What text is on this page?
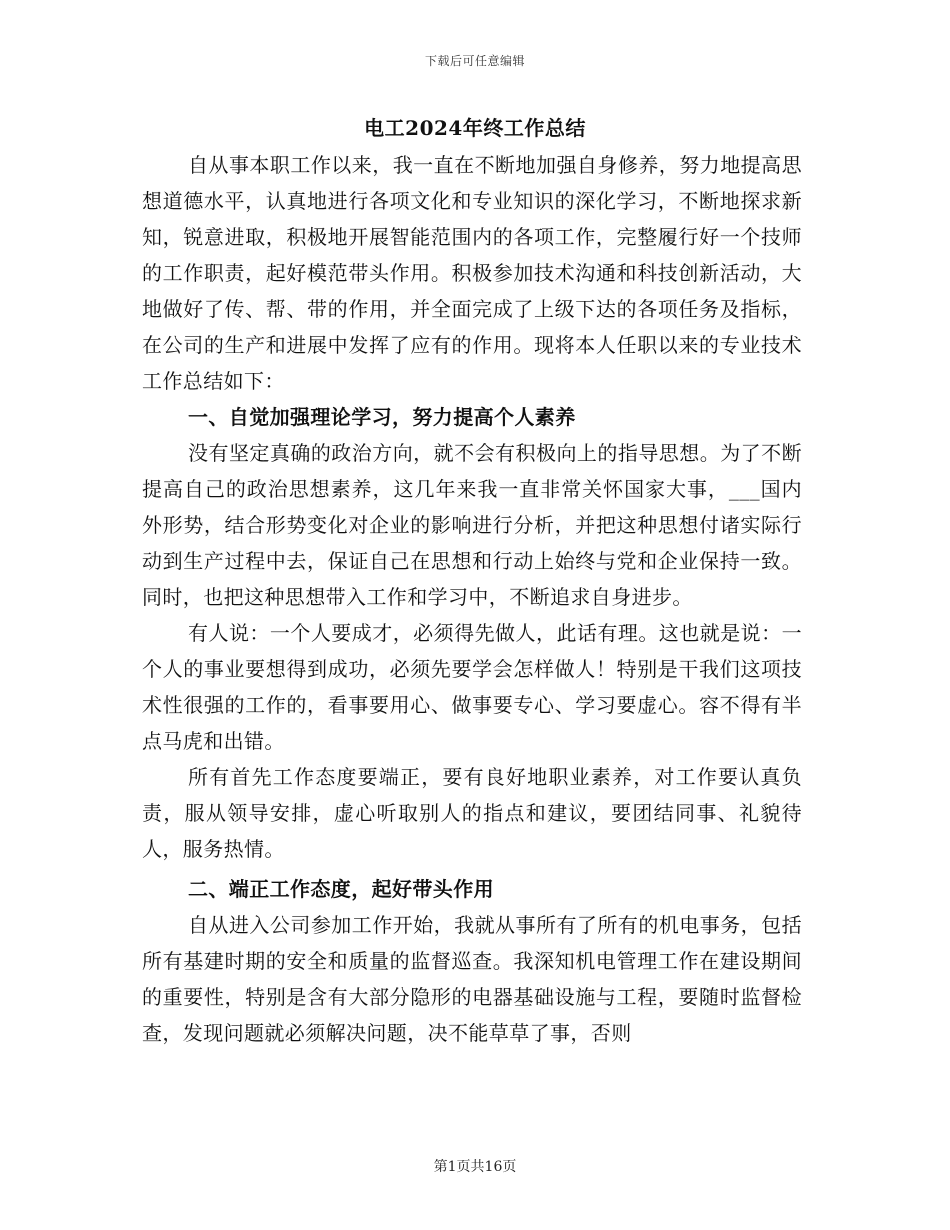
下载后可任意编辑
电工2024年终工作总结

自从事本职工作以来，我一直在不断地加强自身修养，努力地提高思想道德水平，认真地进行各项文化和专业知识的深化学习，不断地探求新知，锐意进取，积极地开展智能范围内的各项工作，完整履行好一个技师的工作职责，起好模范带头作用。积极参加技术沟通和科技创新活动，大地做好了传、帮、带的作用，并全面完成了上级下达的各项任务及指标，在公司的生产和进展中发挥了应有的作用。现将本人任职以来的专业技术工作总结如下：

一、自觉加强理论学习，努力提高个人素养

没有坚定真确的政治方向，就不会有积极向上的指导思想。为了不断提高自己的政治思想素养，这几年来我一直非常关怀国家大事，___国内外形势，结合形势变化对企业的影响进行分析，并把这种思想付诸实际行动到生产过程中去，保证自己在思想和行动上始终与党和企业保持一致。同时，也把这种思想带入工作和学习中，不断追求自身进步。

有人说：一个人要成才，必须得先做人，此话有理。这也就是说：一个人的事业要想得到成功，必须先要学会怎样做人！特别是干我们这项技术性很强的工作的，看事要用心、做事要专心、学习要虚心。容不得有半点马虎和出错。

所有首先工作态度要端正，要有良好地职业素养，对工作要认真负责，服从领导安排，虚心听取别人的指点和建议，要团结同事、礼貌待人，服务热情。

二、端正工作态度，起好带头作用

自从进入公司参加工作开始，我就从事所有了所有的机电事务，包括所有基建时期的安全和质量的监督巡查。我深知机电管理工作在建设期间的重要性，特别是含有大部分隐形的电器基础设施与工程，要随时监督检查，发现问题就必须解决问题，决不能草草了事，否则

第1页共16页
